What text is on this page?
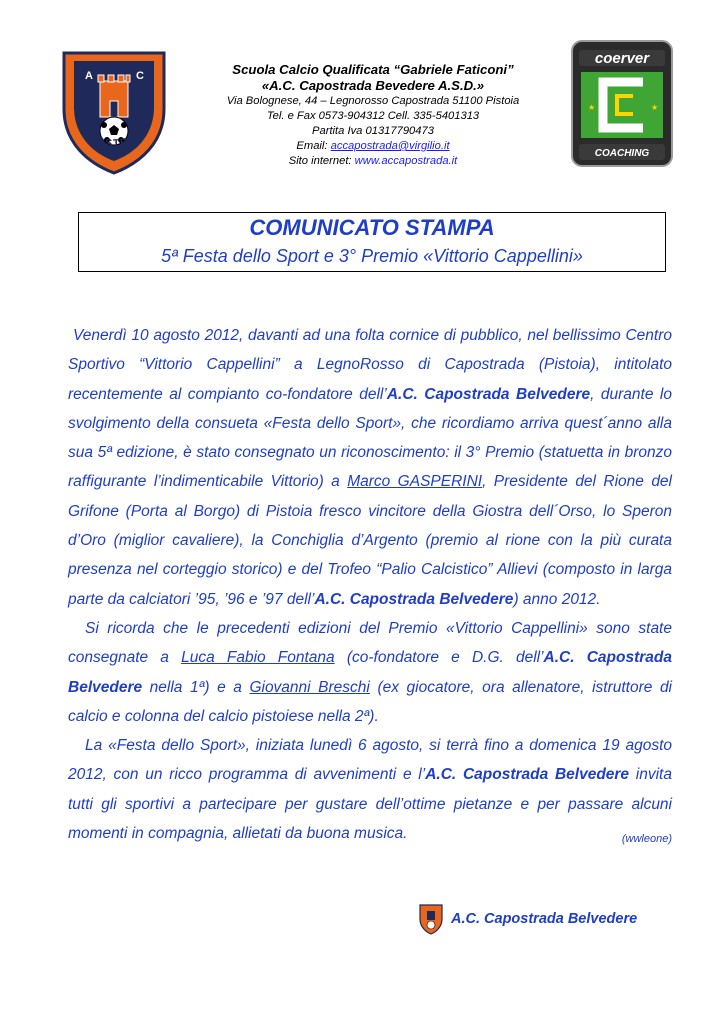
A	C
CAPOSTRADA
Scuola Calcio Qualificata “Gabriele Faticoni”
«A.C. Capostrada Bevedere A.S.D.»
Via Bolognese, 44 – Legnorosso Capostrada 51100 Pistoia
Tel. e Fax 0573-904312 Cell. 335-5401313
Partita Iva 01317790473
Email: accapostrada@virgilio.it
Sito internet: www.accapostrada.it
coerver
★	★
COACHING
COMUNICATO STAMPA
5ª Festa dello Sport e 3° Premio «Vittorio Cappellini»

Venerdì 10 agosto 2012, davanti ad una folta cornice di pubblico, nel bellissimo Centro Sportivo “Vittorio Cappellini” a LegnoRosso di Capostrada (Pistoia), intitolato recentemente al compianto co-fondatore dell’A.C. Capostrada Belvedere, durante lo svolgimento della consueta «Festa dello Sport», che ricordiamo arriva quest´anno alla sua 5ª edizione, è stato consegnato un riconoscimento: il 3° Premio (statuetta in bronzo raffigurante l’indimenticabile Vittorio) a Marco GASPERINI, Presidente del Rione del Grifone (Porta al Borgo) di Pistoia fresco vincitore della Giostra dell´Orso, lo Speron d’Oro (miglior cavaliere), la Conchiglia d’Argento (premio al rione con la più curata presenza nel corteggio storico) e del Trofeo “Palio Calcistico” Allievi (composto in larga parte da calciatori ’95, ’96 e ’97 dell’A.C. Capostrada Belvedere) anno 2012.

Si ricorda che le precedenti edizioni del Premio «Vittorio Cappellini» sono state consegnate a Luca Fabio Fontana (co-fondatore e D.G. dell’A.C. Capostrada Belvedere nella 1ª) e a Giovanni Breschi (ex giocatore, ora allenatore, istruttore di calcio e colonna del calcio pistoiese nella 2ª).

La «Festa dello Sport», iniziata lunedì 6 agosto, si terrà fino a domenica 19 agosto 2012, con un ricco programma di avvenimenti e l’A.C. Capostrada Belvedere invita tutti gli sportivi a partecipare per gustare dell’ottime pietanze e per passare alcuni momenti in compagnia, allietati da buona musica.	(wwleone)

A.C. Capostrada Belvedere
